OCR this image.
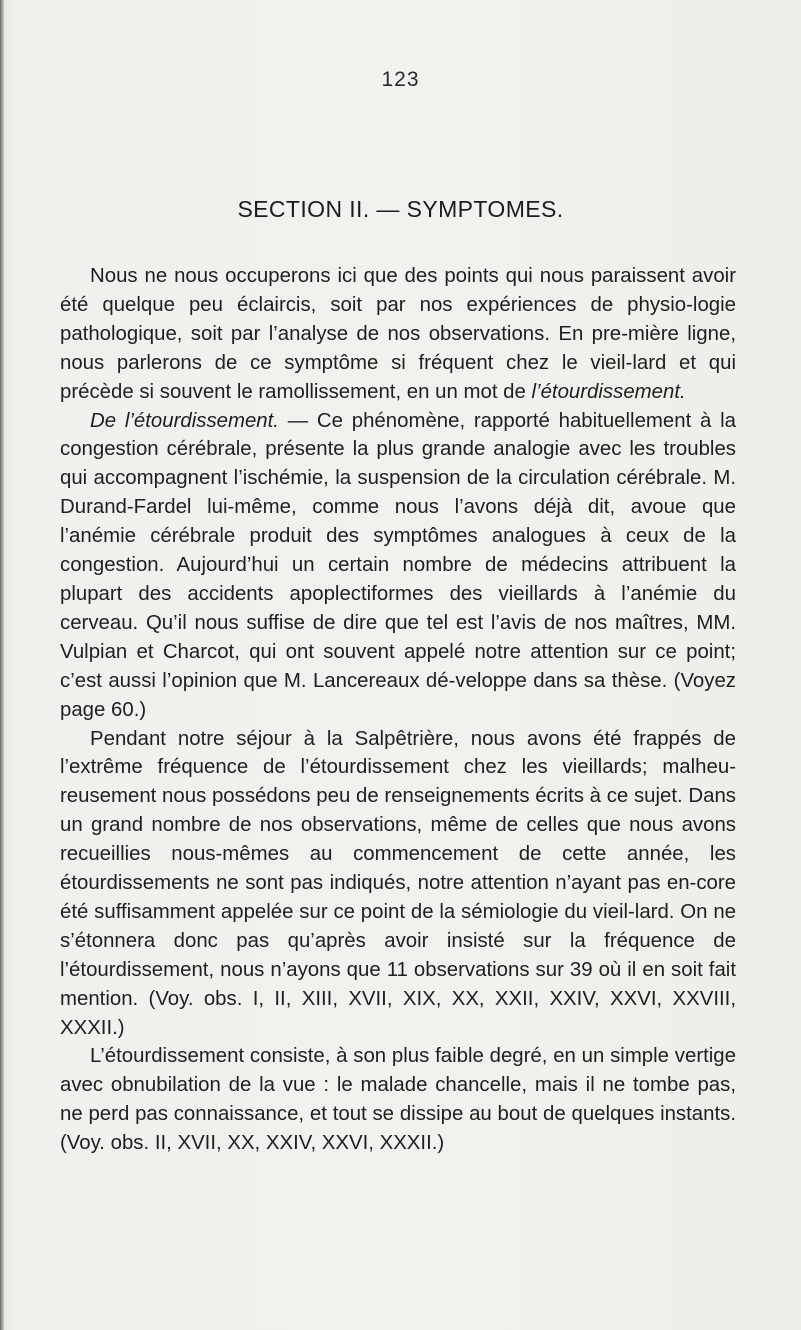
123
SECTION II. — SYMPTOMES.

Nous ne nous occuperons ici que des points qui nous paraissent avoir été quelque peu éclaircis, soit par nos expériences de physio-logie pathologique, soit par l’analyse de nos observations. En pre-mière ligne, nous parlerons de ce symptôme si fréquent chez le vieil-lard et qui précède si souvent le ramollissement, en un mot de l’étourdissement.

De l’étourdissement. — Ce phénomène, rapporté habituellement à la congestion cérébrale, présente la plus grande analogie avec les troubles qui accompagnent l’ischémie, la suspension de la circulation cérébrale. M. Durand-Fardel lui-même, comme nous l’avons déjà dit, avoue que l’anémie cérébrale produit des symptômes analogues à ceux de la congestion. Aujourd’hui un certain nombre de médecins attribuent la plupart des accidents apoplectiformes des vieillards à l’anémie du cerveau. Qu’il nous suffise de dire que tel est l’avis de nos maîtres, MM. Vulpian et Charcot, qui ont souvent appelé notre attention sur ce point; c’est aussi l’opinion que M. Lancereaux dé-veloppe dans sa thèse. (Voyez page 60.)

Pendant notre séjour à la Salpêtrière, nous avons été frappés de l’extrême fréquence de l’étourdissement chez les vieillards; malheu-reusement nous possédons peu de renseignements écrits à ce sujet. Dans un grand nombre de nos observations, même de celles que nous avons recueillies nous-mêmes au commencement de cette année, les étourdissements ne sont pas indiqués, notre attention n’ayant pas en-core été suffisamment appelée sur ce point de la sémiologie du vieil-lard. On ne s’étonnera donc pas qu’après avoir insisté sur la fréquence de l’étourdissement, nous n’ayons que 11 observations sur 39 où il en soit fait mention. (Voy. obs. I, II, XIII, XVII, XIX, XX, XXII, XXIV, XXVI, XXVIII, XXXII.)

L’étourdissement consiste, à son plus faible degré, en un simple vertige avec obnubilation de la vue : le malade chancelle, mais il ne tombe pas, ne perd pas connaissance, et tout se dissipe au bout de quelques instants. (Voy. obs. II, XVII, XX, XXIV, XXVI, XXXII.)
